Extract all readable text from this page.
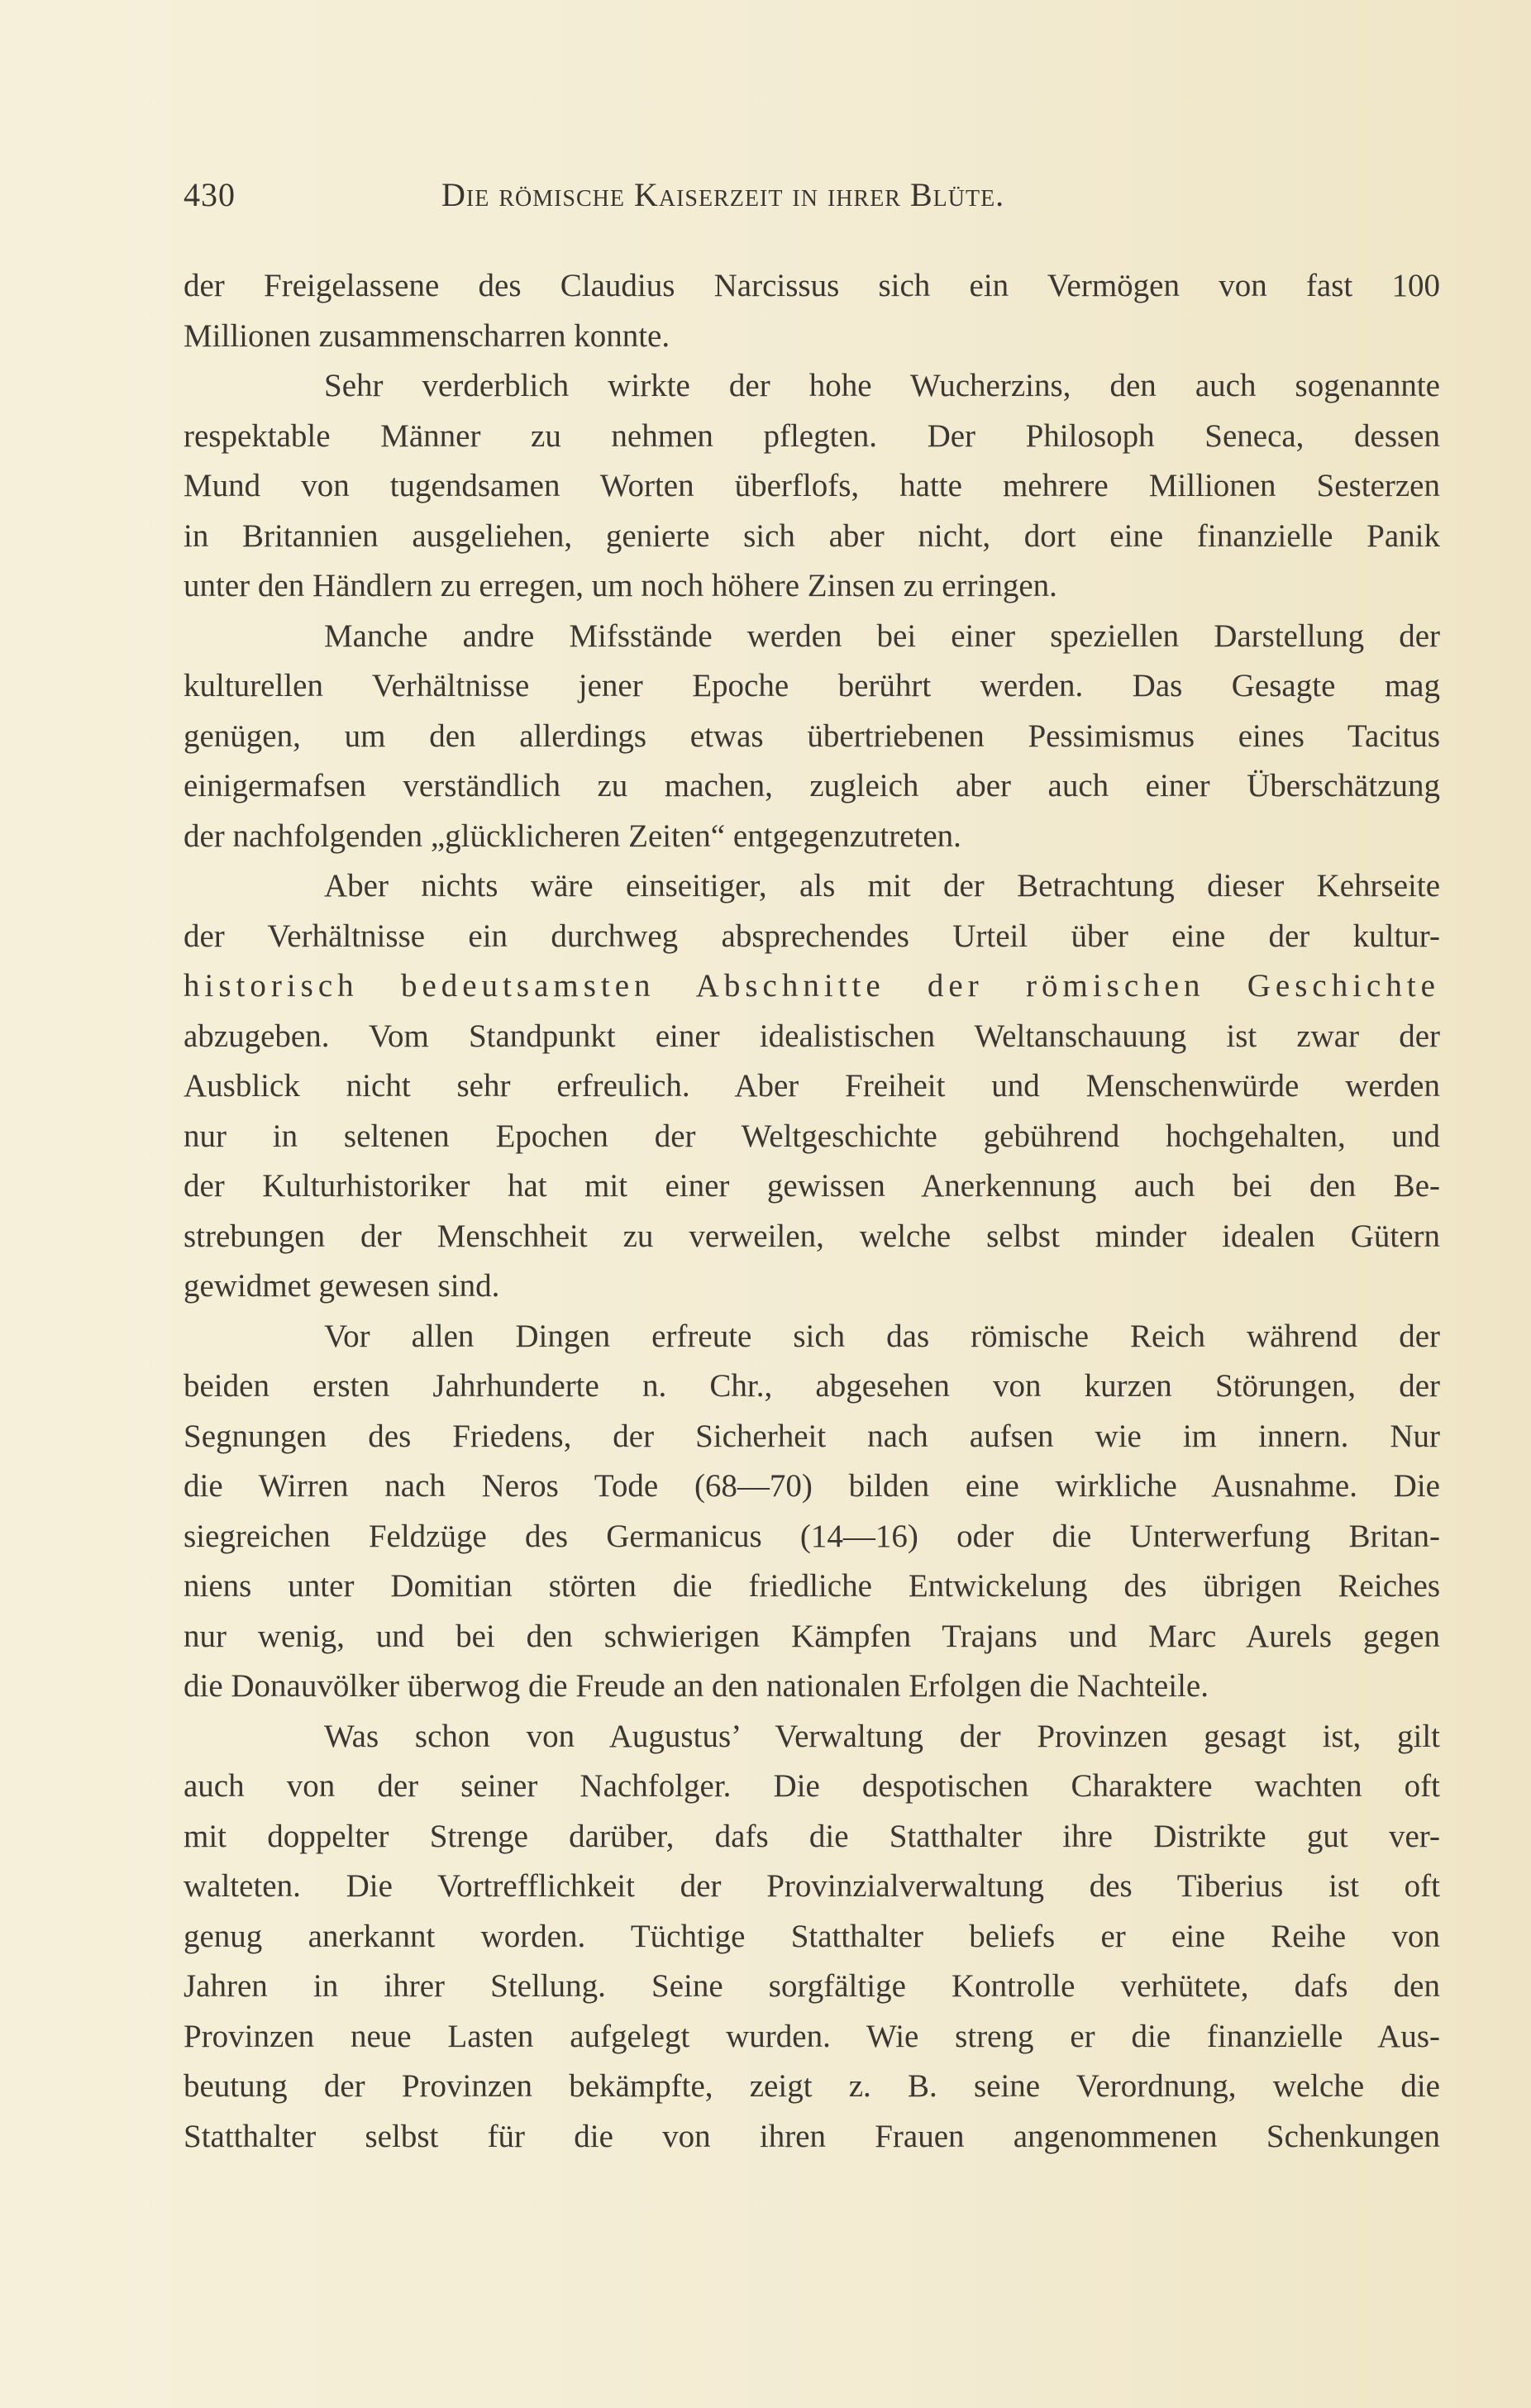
430	Die römische Kaiserzeit in ihrer Blüte.
der Freigelassene des Claudius Narcissus sich ein Vermögen von fast 100
Millionen zusammenscharren konnte.
Sehr verderblich wirkte der hohe Wucherzins, den auch sogenannte
respektable Männer zu nehmen pflegten. Der Philosoph Seneca, dessen
Mund von tugendsamen Worten überflofs, hatte mehrere Millionen Sesterzen
in Britannien ausgeliehen, genierte sich aber nicht, dort eine finanzielle Panik
unter den Händlern zu erregen, um noch höhere Zinsen zu erringen.
Manche andre Mifsstände werden bei einer speziellen Darstellung der
kulturellen Verhältnisse jener Epoche berührt werden. Das Gesagte mag
genügen, um den allerdings etwas übertriebenen Pessimismus eines Tacitus
einigermafsen verständlich zu machen, zugleich aber auch einer Überschätzung
der nachfolgenden „glücklicheren Zeiten“ entgegenzutreten.
Aber nichts wäre einseitiger, als mit der Betrachtung dieser Kehrseite
der Verhältnisse ein durchweg absprechendes Urteil über eine der kultur-
historisch bedeutsamsten Abschnitte der römischen Geschichte
abzugeben. Vom Standpunkt einer idealistischen Weltanschauung ist zwar der
Ausblick nicht sehr erfreulich. Aber Freiheit und Menschenwürde werden
nur in seltenen Epochen der Weltgeschichte gebührend hochgehalten, und
der Kulturhistoriker hat mit einer gewissen Anerkennung auch bei den Be-
strebungen der Menschheit zu verweilen, welche selbst minder idealen Gütern
gewidmet gewesen sind.
Vor allen Dingen erfreute sich das römische Reich während der
beiden ersten Jahrhunderte n. Chr., abgesehen von kurzen Störungen, der
Segnungen des Friedens, der Sicherheit nach aufsen wie im innern. Nur
die Wirren nach Neros Tode (68—70) bilden eine wirkliche Ausnahme. Die
siegreichen Feldzüge des Germanicus (14—16) oder die Unterwerfung Britan-
niens unter Domitian störten die friedliche Entwickelung des übrigen Reiches
nur wenig, und bei den schwierigen Kämpfen Trajans und Marc Aurels gegen
die Donauvölker überwog die Freude an den nationalen Erfolgen die Nachteile.
Was schon von Augustus’ Verwaltung der Provinzen gesagt ist, gilt
auch von der seiner Nachfolger. Die despotischen Charaktere wachten oft
mit doppelter Strenge darüber, dafs die Statthalter ihre Distrikte gut ver-
walteten. Die Vortrefflichkeit der Provinzialverwaltung des Tiberius ist oft
genug anerkannt worden. Tüchtige Statthalter beliefs er eine Reihe von
Jahren in ihrer Stellung. Seine sorgfältige Kontrolle verhütete, dafs den
Provinzen neue Lasten aufgelegt wurden. Wie streng er die finanzielle Aus-
beutung der Provinzen bekämpfte, zeigt z. B. seine Verordnung, welche die
Statthalter selbst für die von ihren Frauen angenommenen Schenkungen
